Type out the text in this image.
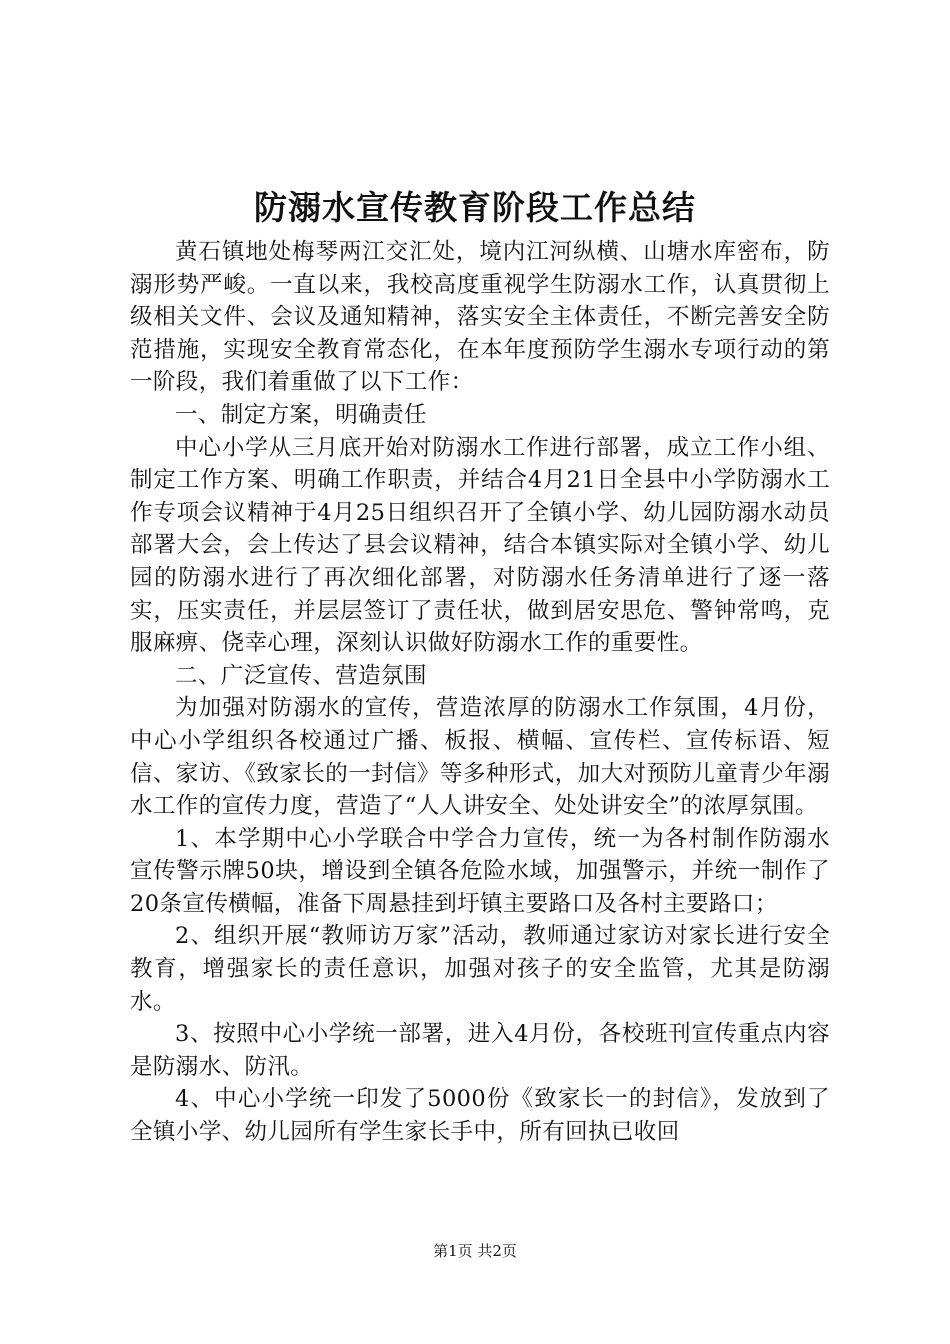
防溺水宣传教育阶段工作总结

黄石镇地处梅琴两江交汇处，境内江河纵横、山塘水库密布，防溺形势严峻。一直以来，我校高度重视学生防溺水工作，认真贯彻上级相关文件、会议及通知精神，落实安全主体责任，不断完善安全防范措施，实现安全教育常态化，在本年度预防学生溺水专项行动的第一阶段，我们着重做了以下工作：

一、制定方案，明确责任

中心小学从三月底开始对防溺水工作进行部署，成立工作小组、制定工作方案、明确工作职责，并结合4月21日全县中小学防溺水工作专项会议精神于4月25日组织召开了全镇小学、幼儿园防溺水动员部署大会，会上传达了县会议精神，结合本镇实际对全镇小学、幼儿园的防溺水进行了再次细化部署，对防溺水任务清单进行了逐一落实，压实责任，并层层签订了责任状，做到居安思危、警钟常鸣，克服麻痹、侥幸心理，深刻认识做好防溺水工作的重要性。

二、广泛宣传、营造氛围

为加强对防溺水的宣传，营造浓厚的防溺水工作氛围，4月份，中心小学组织各校通过广播、板报、横幅、宣传栏、宣传标语、短信、家访、《致家长的一封信》等多种形式，加大对预防儿童青少年溺水工作的宣传力度，营造了“人人讲安全、处处讲安全”的浓厚氛围。

1、本学期中心小学联合中学合力宣传，统一为各村制作防溺水宣传警示牌50块，增设到全镇各危险水域，加强警示，并统一制作了20条宣传横幅，准备下周悬挂到圩镇主要路口及各村主要路口；

2、组织开展“教师访万家”活动，教师通过家访对家长进行安全教育，增强家长的责任意识，加强对孩子的安全监管，尤其是防溺水。

3、按照中心小学统一部署，进入4月份，各校班刊宣传重点内容是防溺水、防汛。

4、中心小学统一印发了5000份《致家长一的封信》，发放到了全镇小学、幼儿园所有学生家长手中，所有回执已收回

第1页 共2页
